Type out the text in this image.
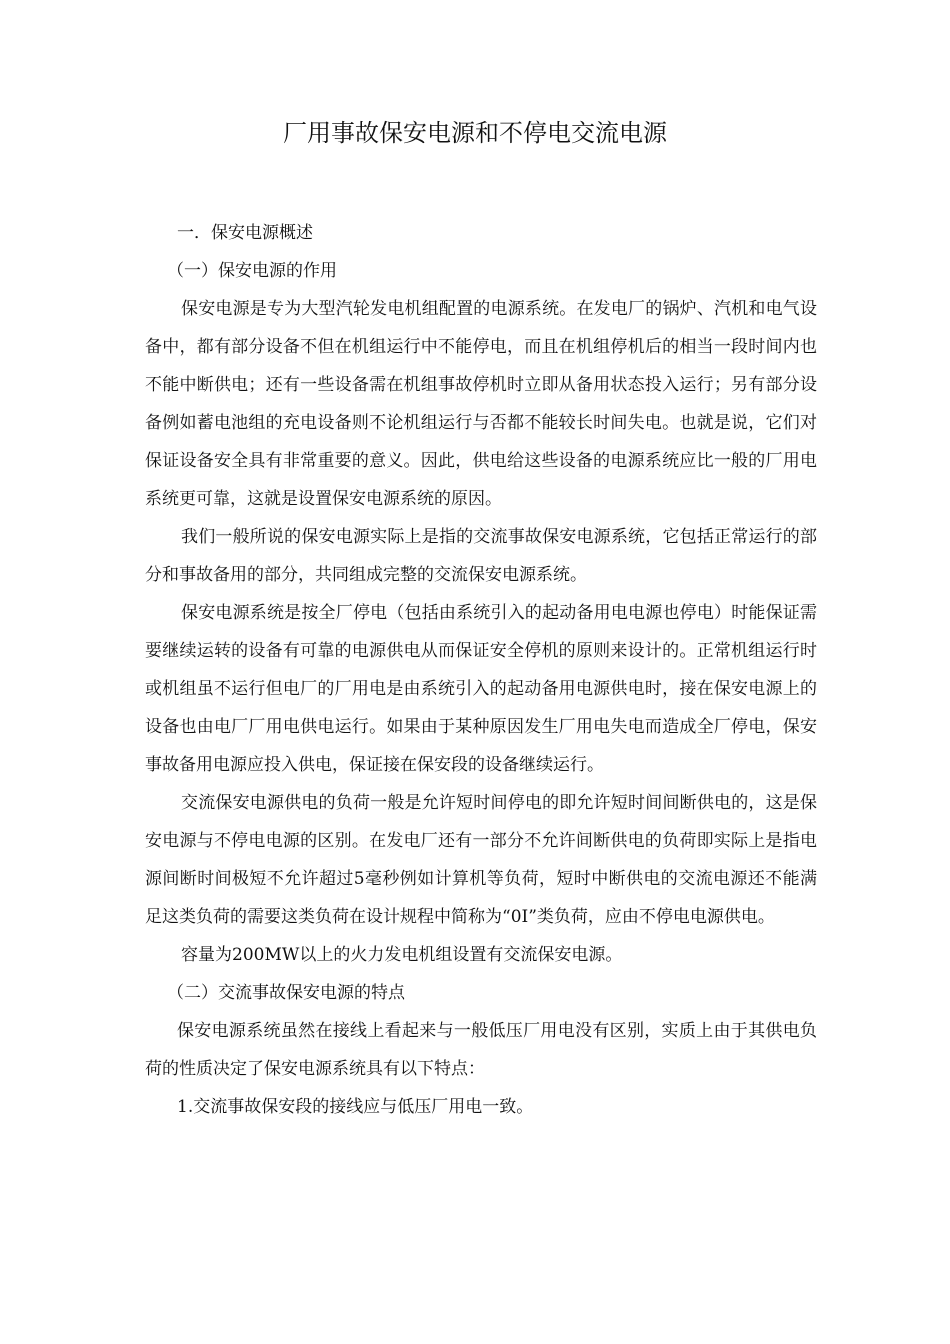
厂用事故保安电源和不停电交流电源

一．保安电源概述

（一）保安电源的作用

保安电源是专为大型汽轮发电机组配置的电源系统。在发电厂的锅炉、汽机和电气设备中，都有部分设备不但在机组运行中不能停电，而且在机组停机后的相当一段时间内也不能中断供电；还有一些设备需在机组事故停机时立即从备用状态投入运行；另有部分设备例如蓄电池组的充电设备则不论机组运行与否都不能较长时间失电。也就是说，它们对保证设备安全具有非常重要的意义。因此，供电给这些设备的电源系统应比一般的厂用电系统更可靠，这就是设置保安电源系统的原因。

我们一般所说的保安电源实际上是指的交流事故保安电源系统，它包括正常运行的部分和事故备用的部分，共同组成完整的交流保安电源系统。

保安电源系统是按全厂停电（包括由系统引入的起动备用电电源也停电）时能保证需要继续运转的设备有可靠的电源供电从而保证安全停机的原则来设计的。正常机组运行时或机组虽不运行但电厂的厂用电是由系统引入的起动备用电源供电时，接在保安电源上的设备也由电厂厂用电供电运行。如果由于某种原因发生厂用电失电而造成全厂停电，保安事故备用电源应投入供电，保证接在保安段的设备继续运行。

交流保安电源供电的负荷一般是允许短时间停电的即允许短时间间断供电的，这是保安电源与不停电电源的区别。在发电厂还有一部分不允许间断供电的负荷即实际上是指电源间断时间极短不允许超过5毫秒例如计算机等负荷，短时中断供电的交流电源还不能满足这类负荷的需要这类负荷在设计规程中简称为“0I”类负荷，应由不停电电源供电。

容量为200MW以上的火力发电机组设置有交流保安电源。

（二）交流事故保安电源的特点

保安电源系统虽然在接线上看起来与一般低压厂用电没有区别，实质上由于其供电负荷的性质决定了保安电源系统具有以下特点：

1.交流事故保安段的接线应与低压厂用电一致。
